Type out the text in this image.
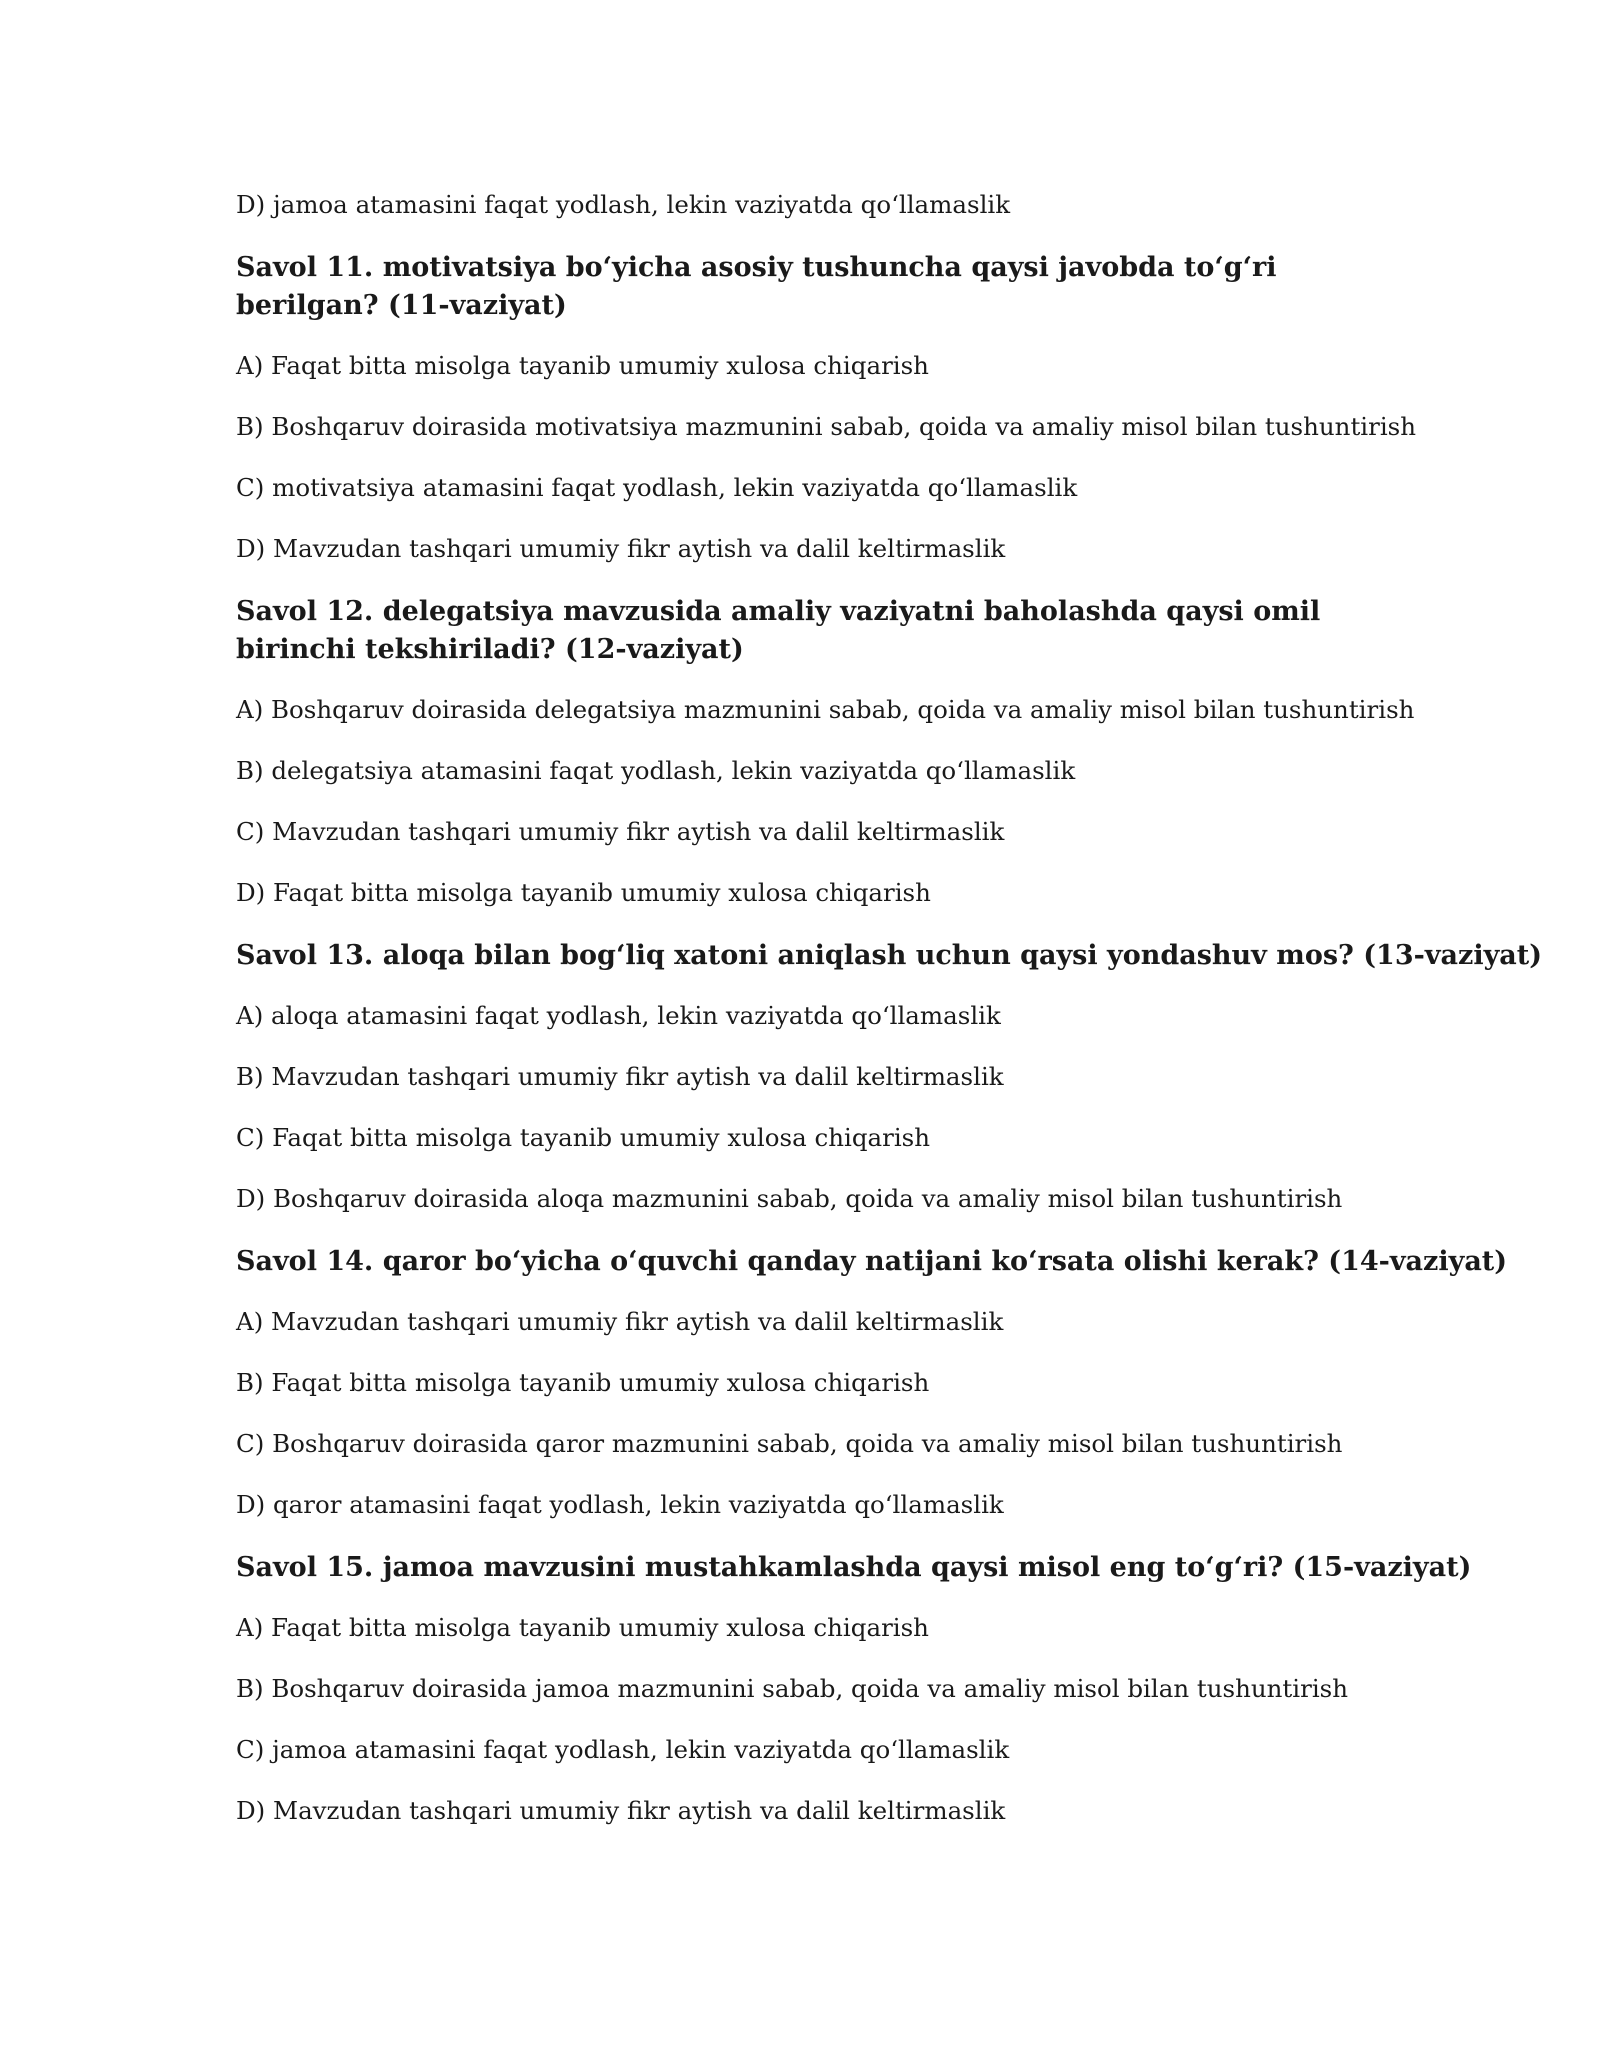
D) jamoa atamasini faqat yodlash, lekin vaziyatda qo‘llamaslik

Savol 11. motivatsiya bo‘yicha asosiy tushuncha qaysi javobda to‘g‘ri berilgan? (11-vaziyat)

A) Faqat bitta misolga tayanib umumiy xulosa chiqarish

B) Boshqaruv doirasida motivatsiya mazmunini sabab, qoida va amaliy misol bilan tushuntirish

C) motivatsiya atamasini faqat yodlash, lekin vaziyatda qo‘llamaslik

D) Mavzudan tashqari umumiy fikr aytish va dalil keltirmaslik

Savol 12. delegatsiya mavzusida amaliy vaziyatni baholashda qaysi omil birinchi tekshiriladi? (12-vaziyat)

A) Boshqaruv doirasida delegatsiya mazmunini sabab, qoida va amaliy misol bilan tushuntirish

B) delegatsiya atamasini faqat yodlash, lekin vaziyatda qo‘llamaslik

C) Mavzudan tashqari umumiy fikr aytish va dalil keltirmaslik

D) Faqat bitta misolga tayanib umumiy xulosa chiqarish

Savol 13. aloqa bilan bog‘liq xatoni aniqlash uchun qaysi yondashuv mos? (13-vaziyat)

A) aloqa atamasini faqat yodlash, lekin vaziyatda qo‘llamaslik

B) Mavzudan tashqari umumiy fikr aytish va dalil keltirmaslik

C) Faqat bitta misolga tayanib umumiy xulosa chiqarish

D) Boshqaruv doirasida aloqa mazmunini sabab, qoida va amaliy misol bilan tushuntirish

Savol 14. qaror bo‘yicha o‘quvchi qanday natijani ko‘rsata olishi kerak? (14-vaziyat)

A) Mavzudan tashqari umumiy fikr aytish va dalil keltirmaslik

B) Faqat bitta misolga tayanib umumiy xulosa chiqarish

C) Boshqaruv doirasida qaror mazmunini sabab, qoida va amaliy misol bilan tushuntirish

D) qaror atamasini faqat yodlash, lekin vaziyatda qo‘llamaslik

Savol 15. jamoa mavzusini mustahkamlashda qaysi misol eng to‘g‘ri? (15-vaziyat)

A) Faqat bitta misolga tayanib umumiy xulosa chiqarish

B) Boshqaruv doirasida jamoa mazmunini sabab, qoida va amaliy misol bilan tushuntirish

C) jamoa atamasini faqat yodlash, lekin vaziyatda qo‘llamaslik

D) Mavzudan tashqari umumiy fikr aytish va dalil keltirmaslik
